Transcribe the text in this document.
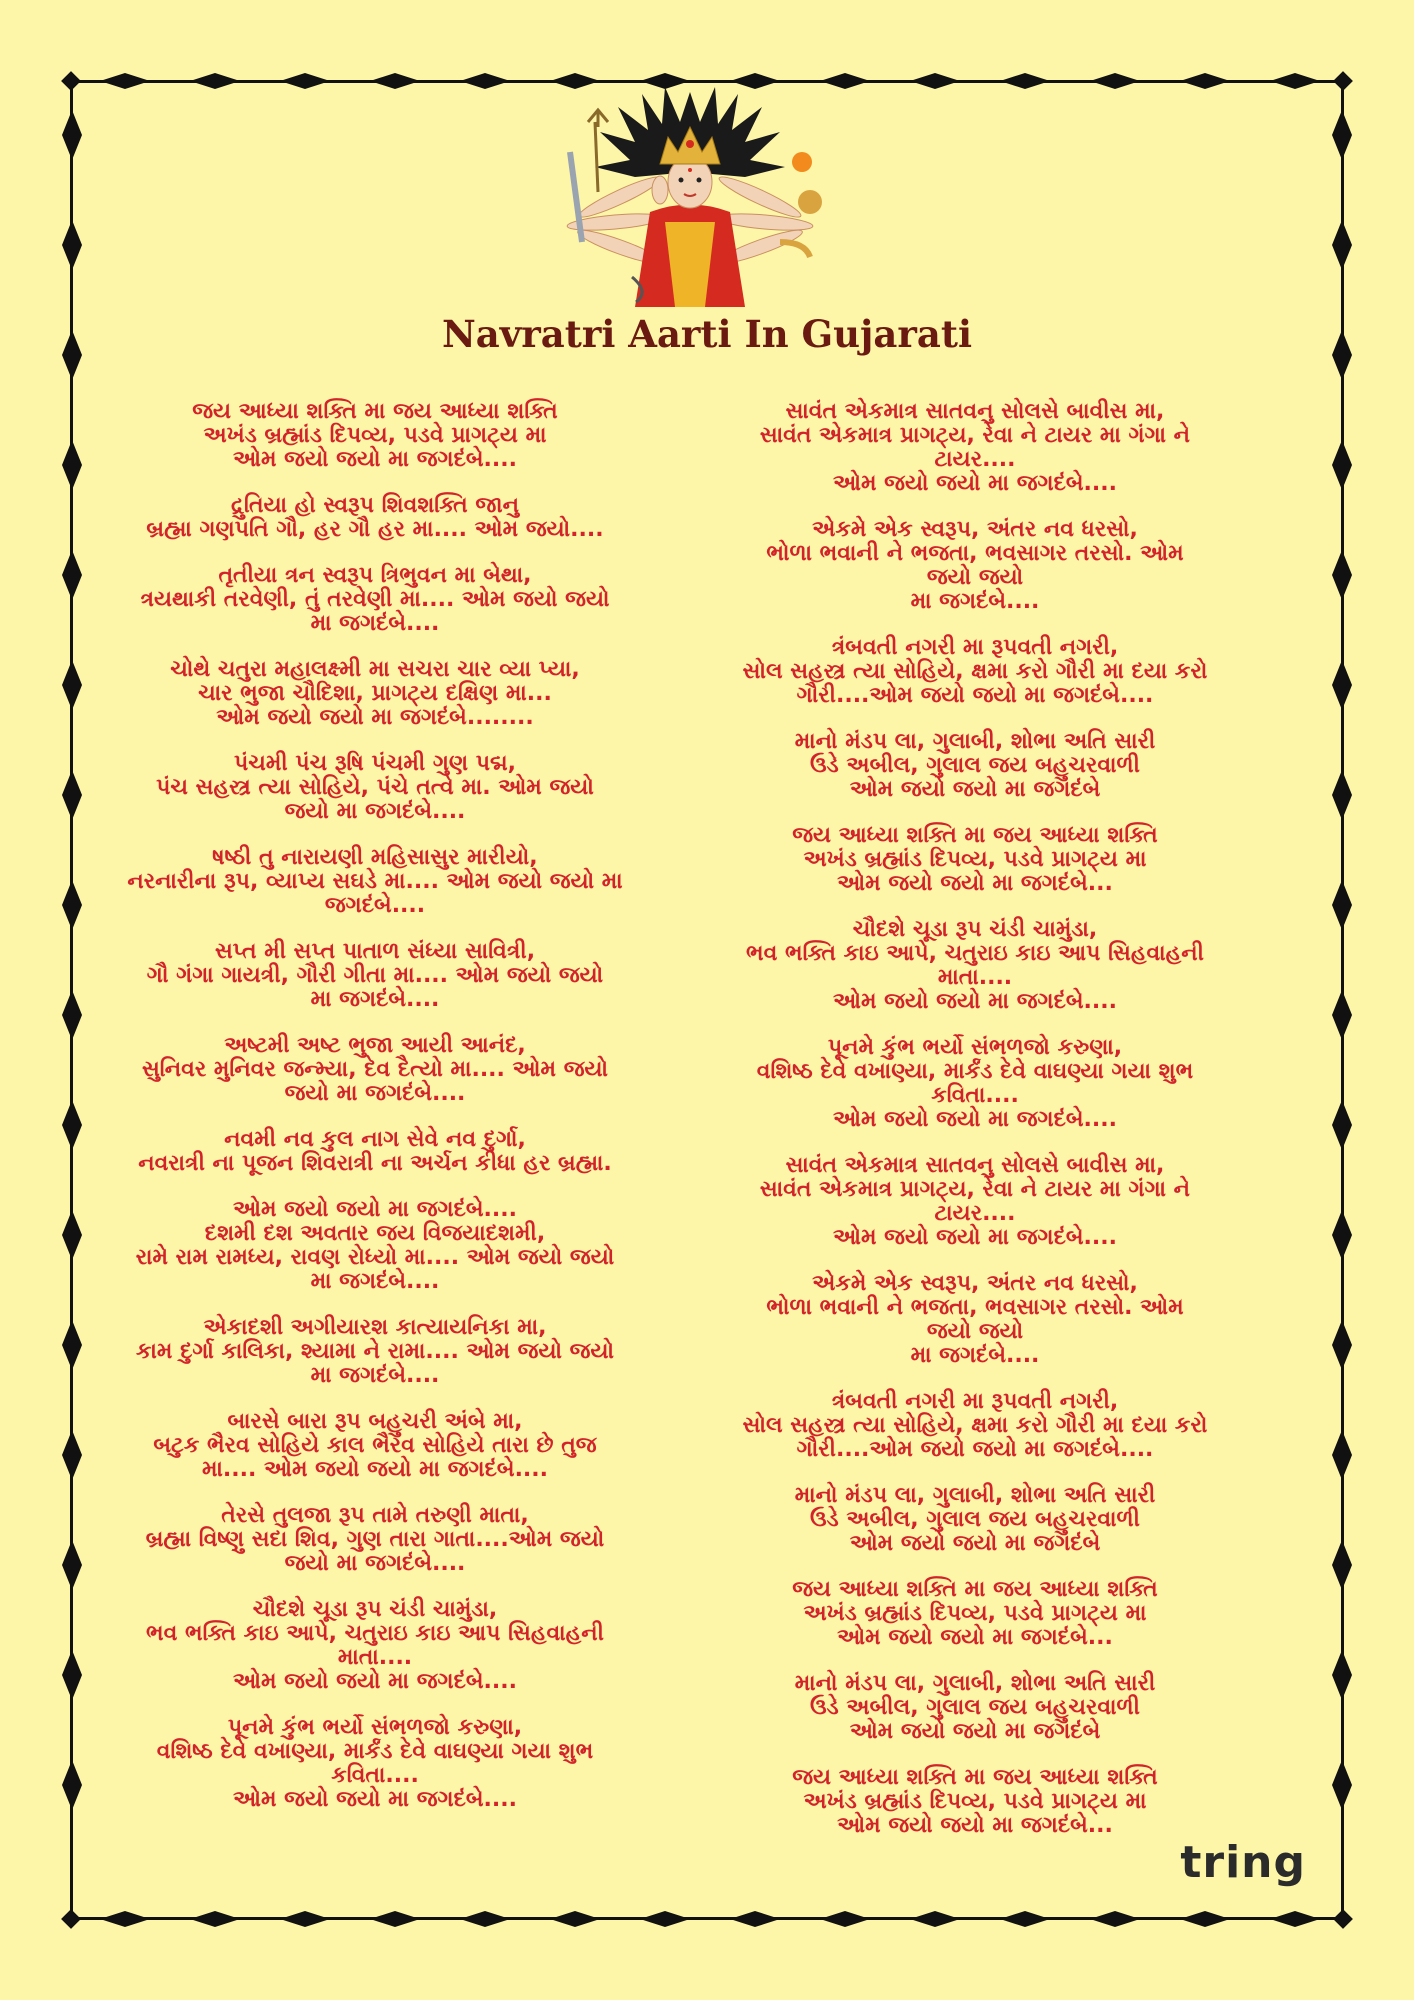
Navratri Aarti In Gujarati
જય આધ્યા શક્તિ મા જય આધ્યા શક્તિ
અખંડ બ્રહ્માંડ દિપવ્ય, પડવે પ્રાગટ્ય મા
ઓમ જયો જયો મા જગદંબે....
દ્રુતિયા હો સ્વરૂપ શિવશક્તિ જાનુ
બ્રહ્મા ગણપતિ ગૌ, હર ગૌ હર મા.... ઓમ જયો....
તૃતીયા ત્રન સ્વરૂપ ત્રિભુવન મા બેથા,
ત્રયથાકી તરવેણી, તું તરવેણી મા.... ઓમ જયો જયો
મા જગદંબે....
ચોથે ચતુરા મહાલક્ષ્મી મા સચરા ચાર વ્યા પ્યા,
ચાર ભુજા ચૌદિશા, પ્રાગટ્ય દક્ષિણ મા...
ઓમ જયો જયો મા જગદંબે........
પંચમી પંચ રૂષિ પંચમી ગુણ પદ્મ,
પંચ સહસ્ત્ર ત્યા સોહિયે, પંચે તત્વે મા. ઓમ જયો
જયો મા જગદંબે....
ષષ્ઠી તુ નારાયણી મહિસાસુર મારીયો,
નરનારીના રૂપ, વ્યાપ્ય સઘડે મા.... ઓમ જયો જયો મા
જગદંબે....
સપ્ત મી સપ્ત પાતાળ સંધ્યા સાવિત્રી,
ગૌ ગંગા ગાયત્રી, ગૌરી ગીતા મા.... ઓમ જયો જયો
મા જગદંબે....
અષ્ટમી અષ્ટ ભુજા આયી આનંદ,
સુનિવર મુનિવર જન્મ્યા, દેવ દૈત્યો મા.... ઓમ જયો
જયો મા જગદંબે....
નવમી નવ કુલ નાગ સેવે નવ દુર્ગા,
નવરાત્રી ના પૂજન શિવરાત્રી ના અર્ચન કીધા હર બ્રહ્મા.
ઓમ જયો જયો મા જગદંબે....
દશમી દશ અવતાર જય વિજયાદશમી,
રામે રામ રામધ્ય, રાવણ રોધ્યો મા.... ઓમ જયો જયો
મા જગદંબે....
એકાદશી અગીયારશ કાત્યાયનિકા મા,
કામ દુર્ગા કાલિકા, શ્યામા ને રામા.... ઓમ જયો જયો
મા જગદંબે....
બારસે બારા રૂપ બહુચરી અંબે મા,
બટુક ભૈરવ સોહિયે કાલ ભૈરવ સોહિયે તારા છે તુજ
મા.... ઓમ જયો જયો મા જગદંબે....
તેરસે તુલજા રૂપ તામે તરુણી માતા,
બ્રહ્મા વિષ્ણુ સદા શિવ, ગુણ તારા ગાતા....ઓમ જયો
જયો મા જગદંબે....
ચૌદશે ચૂડા રૂપ ચંડી ચામુંડા,
ભવ ભક્તિ કાઇ આપે, ચતુરાઇ કાઇ આપ સિહવાહની
માતા....
ઓમ જયો જયો મા જગદંબે....
પૂનમે કુંભ ભર્યો સંભળજો કરુણા,
વશિષ્ઠ દેવે વખાણ્યા, માર્કંડ દેવે વાઘણ્યા ગયા શુભ
કવિતા....
ઓમ જયો જયો મા જગદંબે....
સાવંત એકમાત્ર સાતવનુ સોલસે બાવીસ મા,
સાવંત એકમાત્ર પ્રાગટ્ય, રેવા ને ટાયર મા ગંગા ને
ટાયર....
ઓમ જયો જયો મા જગદંબે....
એકમે એક સ્વરૂપ, અંતર નવ ધરસો,
ભોળા ભવાની ને ભજતા, ભવસાગર તરસો. ઓમ
જયો જયો
મા જગદંબે....
ત્રંબવતી નગરી મા રૂપવતી નગરી,
સોલ સહસ્ત્ર ત્યા સોહિયે, ક્ષમા કરો ગૌરી મા દયા કરો
ગૌરી....ઓમ જયો જયો મા જગદંબે....
માનો મંડપ લા, ગુલાબી, શોભા અતિ સારી
ઉડે અબીલ, ગુલાલ જય બહુચરવાળી
ઓમ જયો જયો મા જગદંબે
જય આધ્યા શક્તિ મા જય આધ્યા શક્તિ
અખંડ બ્રહ્માંડ દિપવ્ય, પડવે પ્રાગટ્ય મા
ઓમ જયો જયો મા જગદંબે...
ચૌદશે ચૂડા રૂપ ચંડી ચામુંડા,
ભવ ભક્તિ કાઇ આપે, ચતુરાઇ કાઇ આપ સિહવાહની
માતા....
ઓમ જયો જયો મા જગદંબે....
પૂનમે કુંભ ભર્યો સંભળજો કરુણા,
વશિષ્ઠ દેવે વખાણ્યા, માર્કંડ દેવે વાઘણ્યા ગયા શુભ
કવિતા....
ઓમ જયો જયો મા જગદંબે....
સાવંત એકમાત્ર સાતવનુ સોલસે બાવીસ મા,
સાવંત એકમાત્ર પ્રાગટ્ય, રેવા ને ટાયર મા ગંગા ને
ટાયર....
ઓમ જયો જયો મા જગદંબે....
એકમે એક સ્વરૂપ, અંતર નવ ધરસો,
ભોળા ભવાની ને ભજતા, ભવસાગર તરસો. ઓમ
જયો જયો
મા જગદંબે....
ત્રંબવતી નગરી મા રૂપવતી નગરી,
સોલ સહસ્ત્ર ત્યા સોહિયે, ક્ષમા કરો ગૌરી મા દયા કરો
ગૌરી....ઓમ જયો જયો મા જગદંબે....
માનો મંડપ લા, ગુલાબી, શોભા અતિ સારી
ઉડે અબીલ, ગુલાલ જય બહુચરવાળી
ઓમ જયો જયો મા જગદંબે
જય આધ્યા શક્તિ મા જય આધ્યા શક્તિ
અખંડ બ્રહ્માંડ દિપવ્ય, પડવે પ્રાગટ્ય મા
ઓમ જયો જયો મા જગદંબે...
માનો મંડપ લા, ગુલાબી, શોભા અતિ સારી
ઉડે અબીલ, ગુલાલ જય બહુચરવાળી
ઓમ જયો જયો મા જગદંબે
જય આધ્યા શક્તિ મા જય આધ્યા શક્તિ
અખંડ બ્રહ્માંડ દિપવ્ય, પડવે પ્રાગટ્ય મા
ઓમ જયો જયો મા જગદંબે...
tring
